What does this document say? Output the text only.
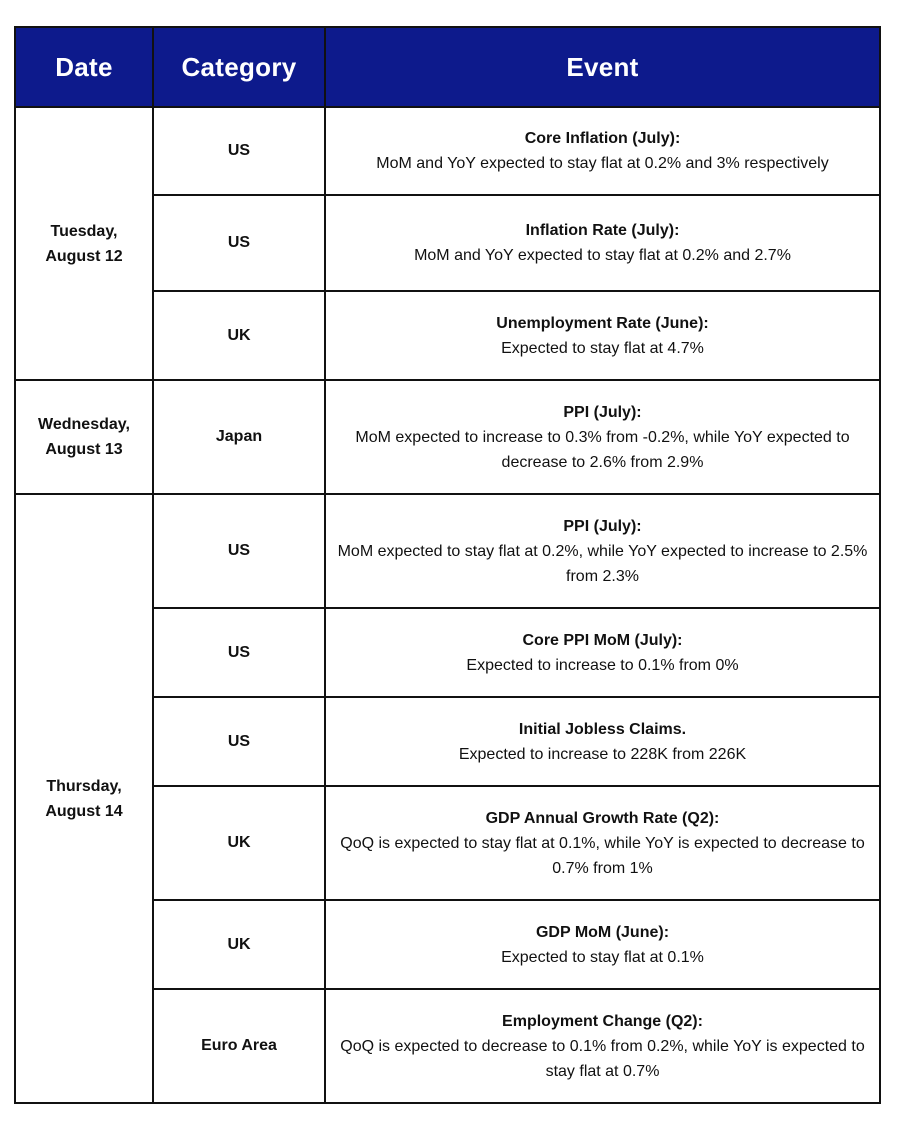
Date	Category	Event

Tuesday,
August 12	US	Core Inflation (July):
MoM and YoY expected to stay flat at 0.2% and 3% respectively

	US	Inflation Rate (July):
MoM and YoY expected to stay flat at 0.2% and 2.7%

	UK	Unemployment Rate (June):
Expected to stay flat at 4.7%

Wednesday,
August 13	Japan	PPI (July):
MoM expected to increase to 0.3% from -0.2%, while YoY expected to decrease to 2.6% from 2.9%

Thursday,
August 14	US	PPI (July):
MoM expected to stay flat at 0.2%, while YoY expected to increase to 2.5% from 2.3%

	US	Core PPI MoM (July):
Expected to increase to 0.1% from 0%

	US	Initial Jobless Claims.
Expected to increase to 228K from 226K

	UK	GDP Annual Growth Rate (Q2):
QoQ is expected to stay flat at 0.1%, while YoY is expected to decrease to 0.7% from 1%

	UK	GDP MoM (June):
Expected to stay flat at 0.1%

	Euro Area	Employment Change (Q2):
QoQ is expected to decrease to 0.1% from 0.2%, while YoY is expected to stay flat at 0.7%
